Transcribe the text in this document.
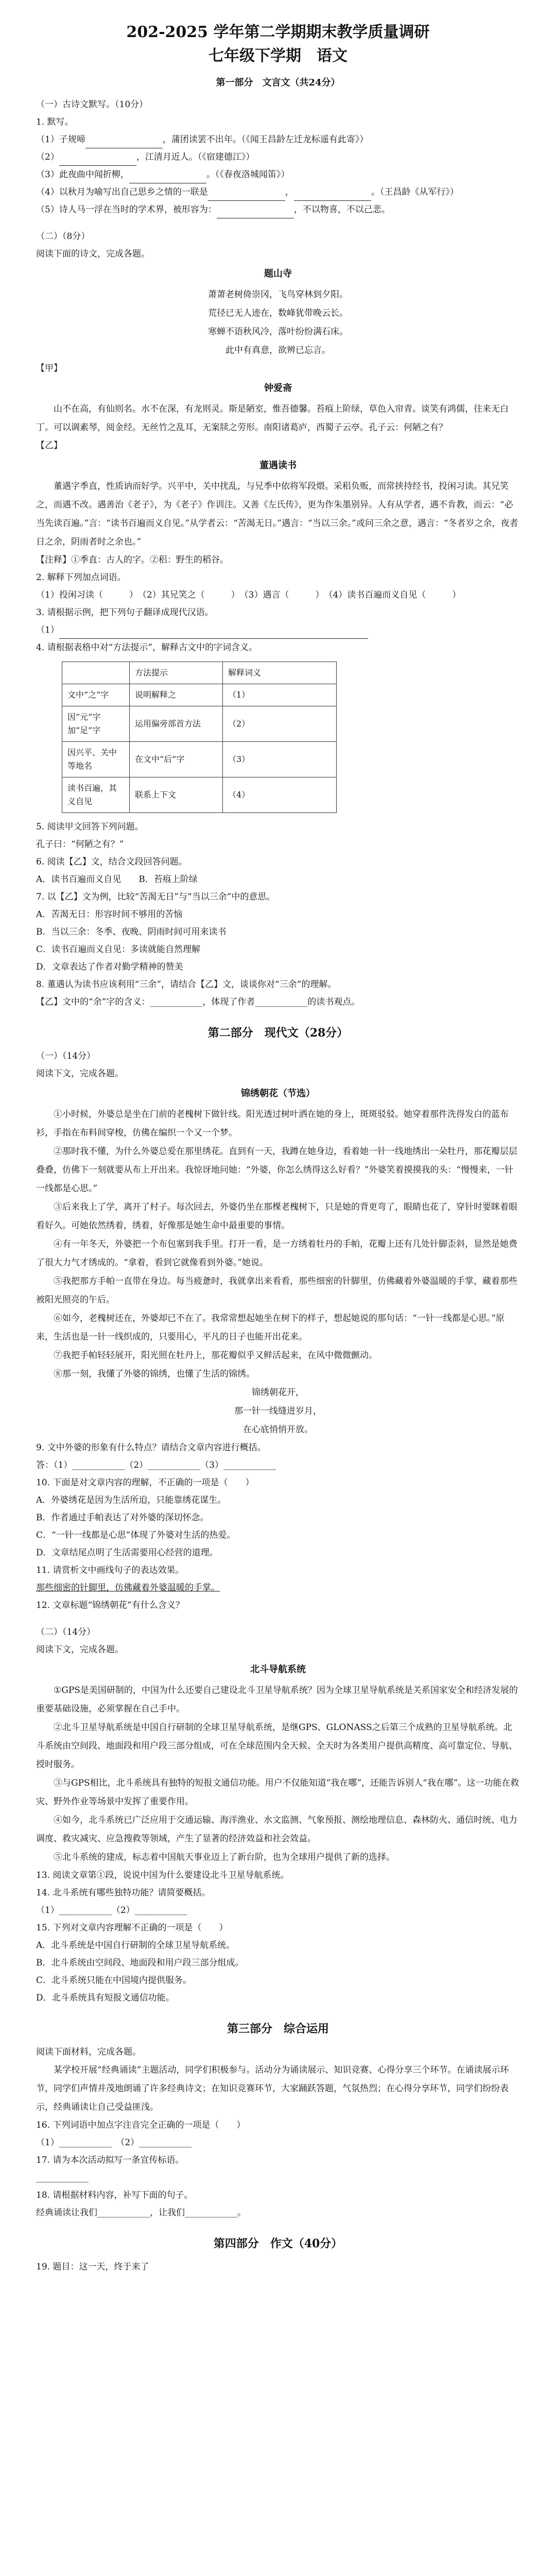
202-2025 学年第二学期期末教学质量调研
七年级下学期　语文
第一部分　文言文（共24分）
（一）古诗文默写。（10分）
1. 默写。
（1）子规啼	，蒲团读罢不出年。（《闻王昌龄左迁龙标遥有此寄》）
（2）	，江清月近人。（《宿建德江》）
（3）此夜曲中闻折柳，	。（《春夜洛城闻笛》）
（4）以秋月为喻写出自己思乡之情的一联是	，	。（王昌龄《从军行》）
（5）诗人马一浮在当时的学术界，被形容为：	，不以物喜，不以己悲。
（二）（8分）
阅读下面的诗文，完成各题。
题山寺
萧萧老树倚崇冈，飞鸟穿林到夕阳。
荒径已无人迹在，数峰犹带晚云长。
寒蝉不语秋风冷，落叶纷纷满石床。
此中有真意，欲辨已忘言。
【甲】
钟爱斋

山不在高，有仙则名。水不在深，有龙则灵。斯是陋室，惟吾德馨。苔痕上阶绿，草色入帘青。谈笑有鸿儒，往来无白丁。可以调素琴，阅金经。无丝竹之乱耳，无案牍之劳形。南阳诸葛庐，西蜀子云亭。孔子云：何陋之有？

【乙】
董遇读书

董遇字季直，性质讷而好学。兴平中，关中扰乱，与兄季中依将军段煨。采稆负贩，而常挟持经书，投闲习读。其兄笑之，而遇不改。遇善治《老子》，为《老子》作训注。又善《左氏传》，更为作朱墨别异。人有从学者，遇不肯教，而云：“必当先读百遍。”言：“读书百遍而义自见。”从学者云：“苦渴无日。”遇言：“当以三余。”或问三余之意，遇言：“冬者岁之余，夜者日之余，阴雨者时之余也。”

【注释】①季直：古人的字。②稆：野生的稻谷。
2. 解释下列加点词语。
（1）投闲习读（　　　）　（2）其兄笑之（　　　）　（3）遇言（　　　）　（4）读书百遍而义自见（　　　）
3. 请根据示例，把下列句子翻译成现代汉语。
（1）
4. 请根据表格中对“方法提示”，解释古文中的字词含义。
	方法提示	解释词义
文中“之”字	说明解释之	（1）
因“元”字加“足”字	运用偏旁部首方法	（2）
因兴平、关中等地名	在文中“后”字	（3）
读书百遍，其义自见	联系上下文	（4）
5. 阅读甲文回答下列问题。
孔子曰：“何陋之有？”
6. 阅读【乙】文，结合文段回答问题。
A．读书百遍而义自见　　B．苔痕上阶绿
7. 以【乙】文为例，比较“苦渴无日”与“当以三余”中的意思。
A．苦渴无日：形容时间不够用的苦恼
B．当以三余：冬季、夜晚、阴雨时间可用来读书
C．读书百遍而义自见：多读就能自然理解
D．文章表达了作者对勤学精神的赞美
8. 董遇认为读书应该利用“三余”，请结合【乙】文，谈谈你对“三余”的理解。
【乙】文中的“余”字的含义：____________，体现了作者____________的读书观点。
第二部分　现代文（28分）
（一）（14分）
阅读下文，完成各题。
锦绣朝花（节选）

①小时候，外婆总是坐在门前的老槐树下做针线。阳光透过树叶洒在她的身上，斑斑驳驳。她穿着那件洗得发白的蓝布衫，手指在布料间穿梭，仿佛在编织一个又一个梦。

②那时我不懂，为什么外婆总爱在那里绣花。直到有一天，我蹲在她身边，看着她一针一线地绣出一朵牡丹，那花瓣层层叠叠，仿佛下一刻就要从布上开出来。我惊讶地问她：“外婆，你怎么绣得这么好看？”外婆笑着摸摸我的头：“慢慢来，一针一线都是心思。”

③后来我上了学，离开了村子。每次回去，外婆仍坐在那棵老槐树下，只是她的背更弯了，眼睛也花了，穿针时要眯着眼看好久。可她依然绣着，绣着，好像那是她生命中最重要的事情。

④有一年冬天，外婆把一个布包塞到我手里。打开一看，是一方绣着牡丹的手帕，花瓣上还有几处针脚歪斜，显然是她费了很大力气才绣成的。“拿着，看到它就像看到外婆。”她说。

⑤我把那方手帕一直带在身边。每当疲惫时，我就拿出来看看，那些细密的针脚里，仿佛藏着外婆温暖的手掌，藏着那些被阳光照亮的午后。

⑥如今，老槐树还在，外婆却已不在了。我常常想起她坐在树下的样子，想起她说的那句话：“一针一线都是心思。”原来，生活也是一针一线织成的，只要用心，平凡的日子也能开出花来。

⑦我把手帕轻轻展开，阳光照在牡丹上，那花瓣似乎又鲜活起来，在风中微微颤动。

⑧那一刻，我懂了外婆的锦绣，也懂了生活的锦绣。

锦绣朝花开，
那一针一线缝进岁月，
在心底悄悄开放。
9. 文中外婆的形象有什么特点？请结合文章内容进行概括。
答：（1）____________（2）____________（3）____________
10. 下面是对文章内容的理解，不正确的一项是（　　）
A．外婆绣花是因为生活所迫，只能靠绣花谋生。
B．作者通过手帕表达了对外婆的深切怀念。
C．“一针一线都是心思”体现了外婆对生活的热爱。
D．文章结尾点明了生活需要用心经营的道理。
11. 请赏析文中画线句子的表达效果。
那些细密的针脚里，仿佛藏着外婆温暖的手掌。
12. 文章标题“锦绣朝花”有什么含义？
（二）（14分）
阅读下文，完成各题。
北斗导航系统

①GPS是美国研制的，中国为什么还要自己建设北斗卫星导航系统？因为全球卫星导航系统是关系国家安全和经济发展的重要基础设施，必须掌握在自己手中。

②北斗卫星导航系统是中国自行研制的全球卫星导航系统，是继GPS、GLONASS之后第三个成熟的卫星导航系统。北斗系统由空间段、地面段和用户段三部分组成，可在全球范围内全天候、全天时为各类用户提供高精度、高可靠定位、导航、授时服务。

③与GPS相比，北斗系统具有独特的短报文通信功能。用户不仅能知道“我在哪”，还能告诉别人“我在哪”。这一功能在救灾、野外作业等场景中发挥了重要作用。

④如今，北斗系统已广泛应用于交通运输、海洋渔业、水文监测、气象预报、测绘地理信息、森林防火、通信时统、电力调度、救灾减灾、应急搜救等领域，产生了显著的经济效益和社会效益。

⑤北斗系统的建成，标志着中国航天事业迈上了新台阶，也为全球用户提供了新的选择。

13. 阅读文章第①段，说说中国为什么要建设北斗卫星导航系统。
14. 北斗系统有哪些独特功能？请简要概括。
（1）____________（2）____________
15. 下列对文章内容理解不正确的一项是（　　）
A．北斗系统是中国自行研制的全球卫星导航系统。
B．北斗系统由空间段、地面段和用户段三部分组成。
C．北斗系统只能在中国境内提供服务。
D．北斗系统具有短报文通信功能。
第三部分　综合运用
阅读下面材料，完成各题。

某学校开展“经典诵读”主题活动，同学们积极参与。活动分为诵读展示、知识竞赛、心得分享三个环节。在诵读展示环节，同学们声情并茂地朗诵了许多经典诗文；在知识竞赛环节，大家踊跃答题，气氛热烈；在心得分享环节，同学们纷纷表示，经典诵读让自己受益匪浅。

16. 下列词语中加点字注音完全正确的一项是（　　）
（1）____________　（2）____________
17. 请为本次活动拟写一条宣传标语。
____________
18. 请根据材料内容，补写下面的句子。
经典诵读让我们____________，让我们____________。
第四部分　作文（40分）
19. 题目：这一天，终于来了
